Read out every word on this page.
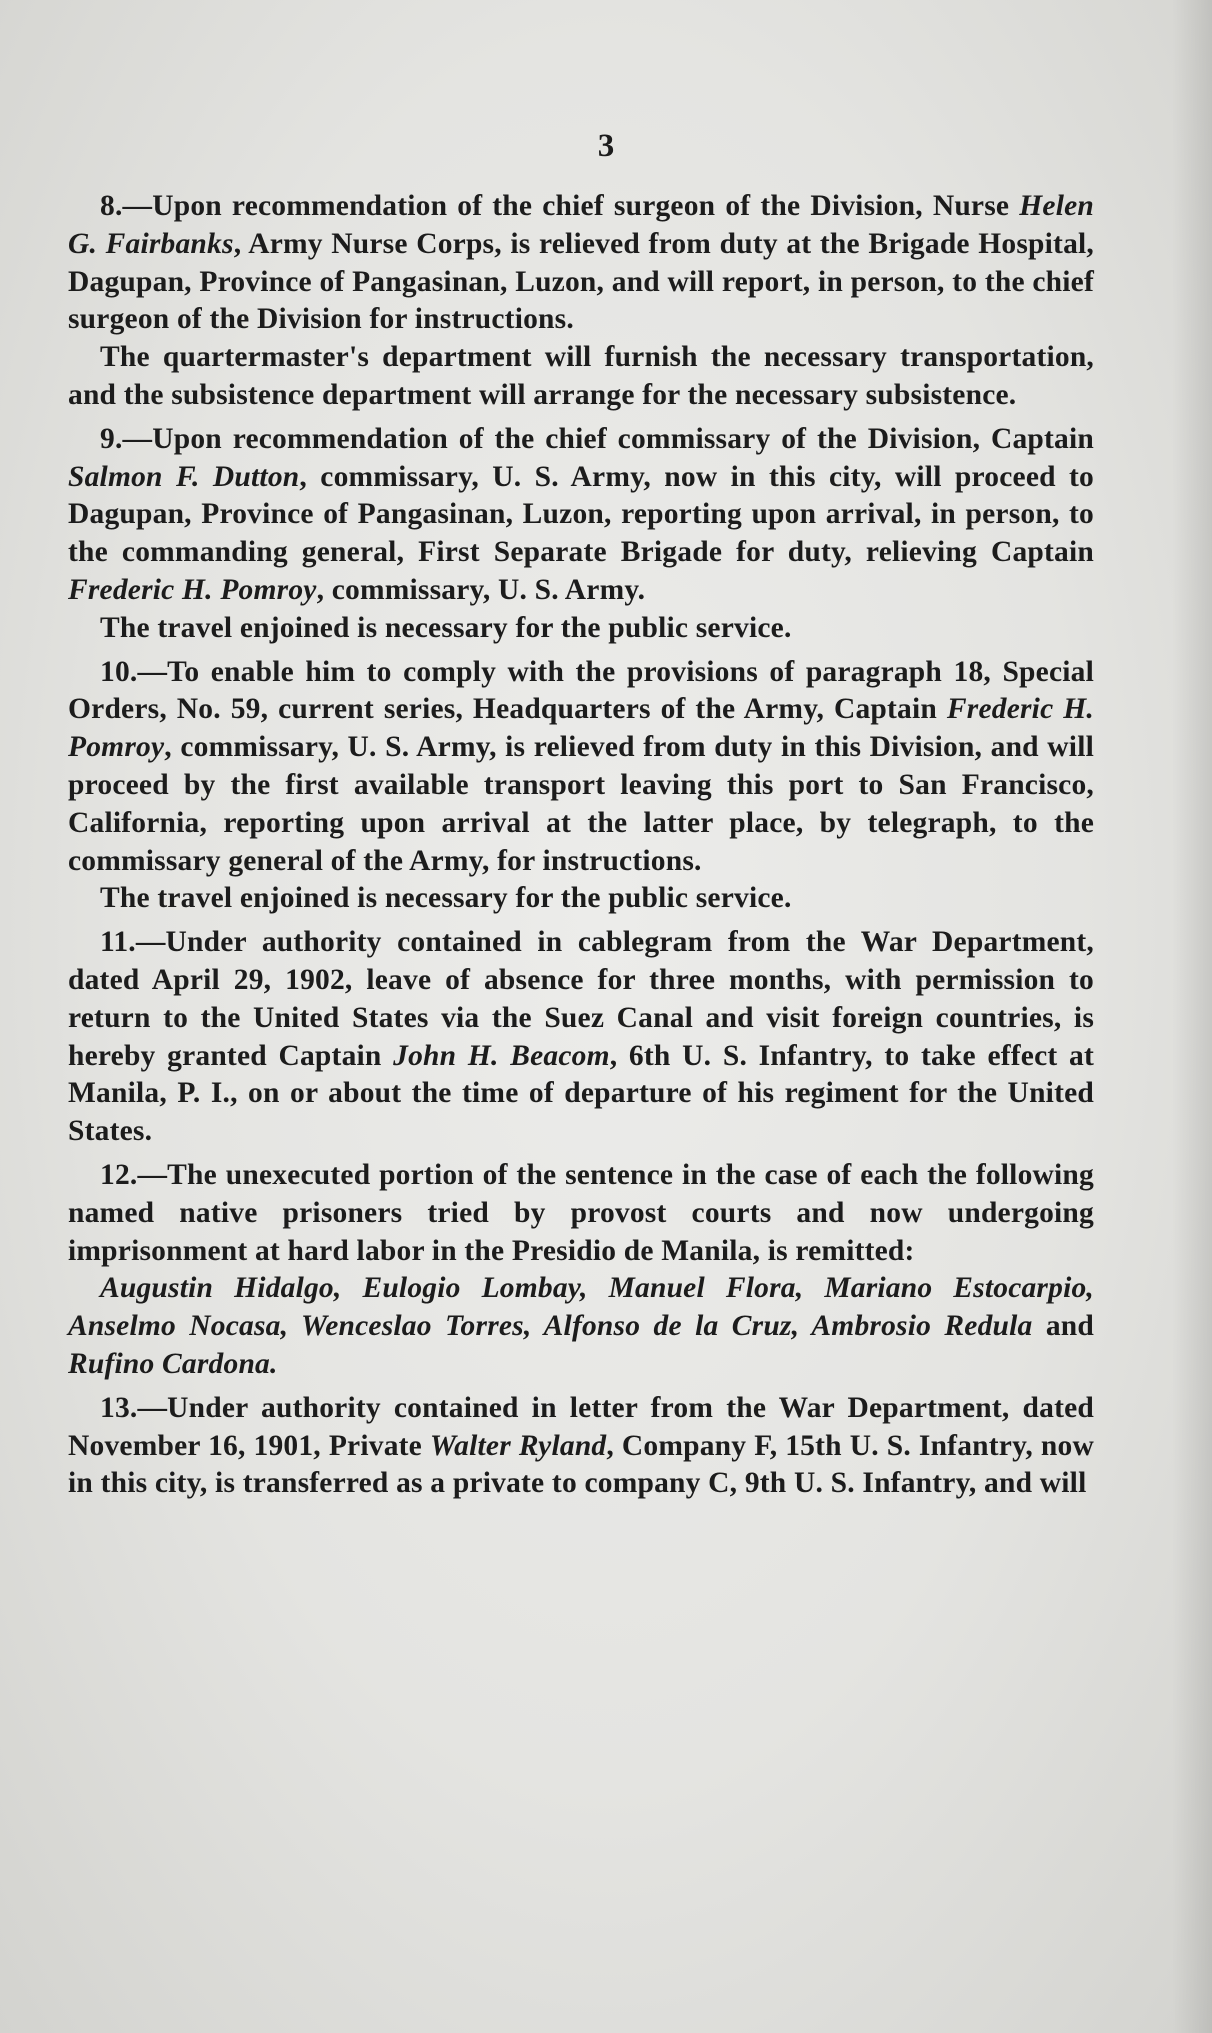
3

8.—Upon recommendation of the chief surgeon of the Division, Nurse Helen G. Fairbanks, Army Nurse Corps, is relieved from duty at the Brigade Hospital, Dagupan, Province of Pangasinan, Luzon, and will report, in person, to the chief surgeon of the Division for instructions.

The quartermaster's department will furnish the necessary transportation, and the subsistence department will arrange for the necessary subsistence.

9.—Upon recommendation of the chief commissary of the Division, Captain Salmon F. Dutton, commissary, U. S. Army, now in this city, will proceed to Dagupan, Province of Pangasinan, Luzon, reporting upon arrival, in person, to the commanding general, First Separate Brigade for duty, relieving Captain Frederic H. Pomroy, commissary, U. S. Army.

The travel enjoined is necessary for the public service.

10.—To enable him to comply with the provisions of paragraph 18, Special Orders, No. 59, current series, Headquarters of the Army, Captain Frederic H. Pomroy, commissary, U. S. Army, is relieved from duty in this Division, and will proceed by the first available transport leaving this port to San Francisco, California, reporting upon arrival at the latter place, by telegraph, to the commissary general of the Army, for instructions.

The travel enjoined is necessary for the public service.

11.—Under authority contained in cablegram from the War Department, dated April 29, 1902, leave of absence for three months, with permission to return to the United States via the Suez Canal and visit foreign countries, is hereby granted Captain John H. Beacom, 6th U. S. Infantry, to take effect at Manila, P. I., on or about the time of departure of his regiment for the United States.

12.—The unexecuted portion of the sentence in the case of each the following named native prisoners tried by provost courts and now undergoing imprisonment at hard labor in the Presidio de Manila, is remitted:

Augustin Hidalgo, Eulogio Lombay, Manuel Flora, Mariano Estocarpio, Anselmo Nocasa, Wenceslao Torres, Alfonso de la Cruz, Ambrosio Redula and Rufino Cardona.

13.—Under authority contained in letter from the War Department, dated November 16, 1901, Private Walter Ryland, Company F, 15th U. S. Infantry, now in this city, is transferred as a private to company C, 9th U. S. Infantry, and will
